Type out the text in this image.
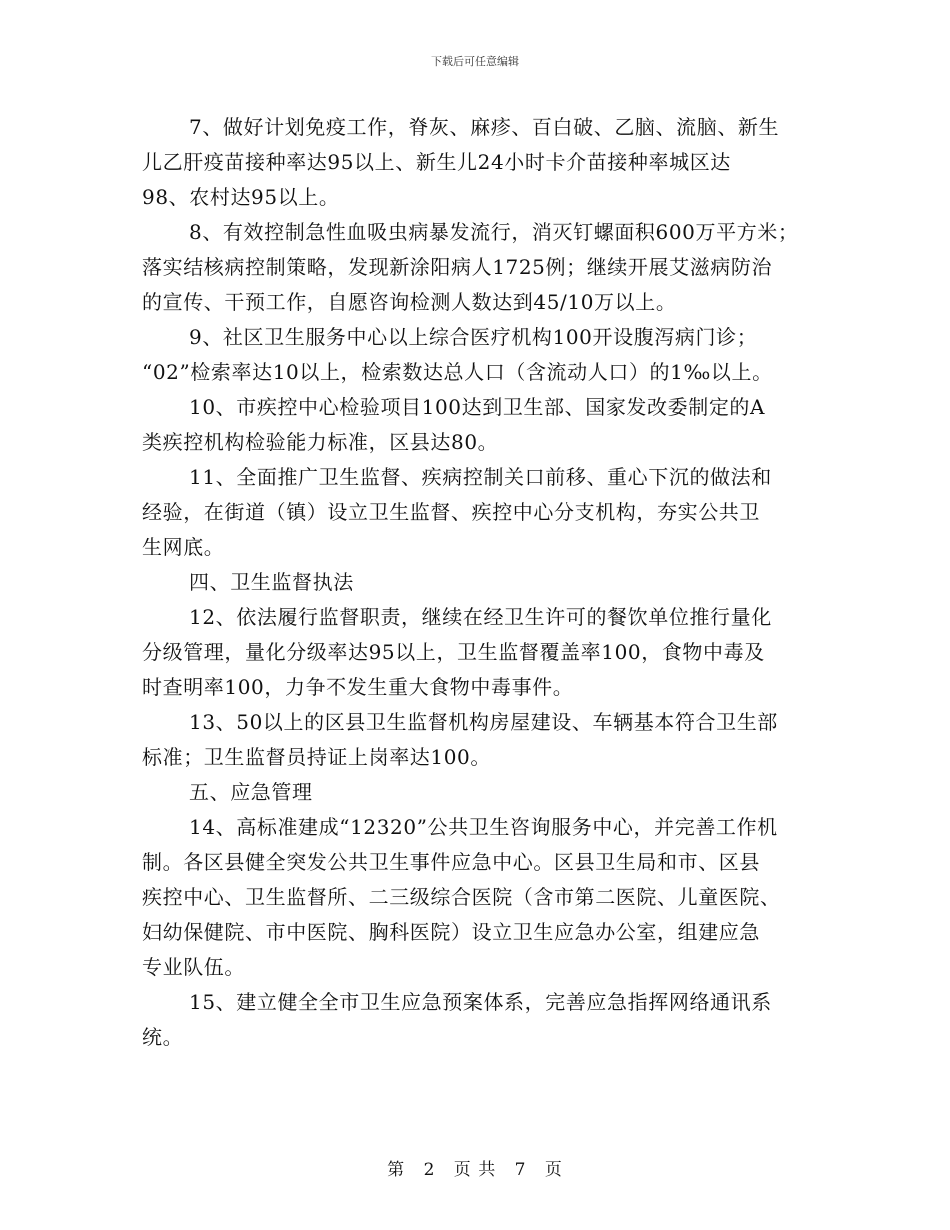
下载后可任意编辑
7、做好计划免疫工作，脊灰、麻疹、百白破、乙脑、流脑、新生
儿乙肝疫苗接种率达95以上、新生儿24小时卡介苗接种率城区达
98、农村达95以上。
8、有效控制急性血吸虫病暴发流行，消灭钉螺面积600万平方米；
落实结核病控制策略，发现新涂阳病人1725例；继续开展艾滋病防治
的宣传、干预工作，自愿咨询检测人数达到45/10万以上。
9、社区卫生服务中心以上综合医疗机构100开设腹泻病门诊；
“02”检索率达10以上，检索数达总人口（含流动人口）的1‰以上。
10、市疾控中心检验项目100达到卫生部、国家发改委制定的A
类疾控机构检验能力标准，区县达80。
11、全面推广卫生监督、疾病控制关口前移、重心下沉的做法和
经验，在街道（镇）设立卫生监督、疾控中心分支机构，夯实公共卫
生网底。
四、卫生监督执法
12、依法履行监督职责，继续在经卫生许可的餐饮单位推行量化
分级管理，量化分级率达95以上，卫生监督覆盖率100，食物中毒及
时查明率100，力争不发生重大食物中毒事件。
13、50以上的区县卫生监督机构房屋建设、车辆基本符合卫生部
标准；卫生监督员持证上岗率达100。
五、应急管理
14、高标准建成“12320”公共卫生咨询服务中心，并完善工作机
制。各区县健全突发公共卫生事件应急中心。区县卫生局和市、区县
疾控中心、卫生监督所、二三级综合医院（含市第二医院、儿童医院、
妇幼保健院、市中医院、胸科医院）设立卫生应急办公室，组建应急
专业队伍。
15、建立健全全市卫生应急预案体系，完善应急指挥网络通讯系
统。
第 2 页 共 7 页
